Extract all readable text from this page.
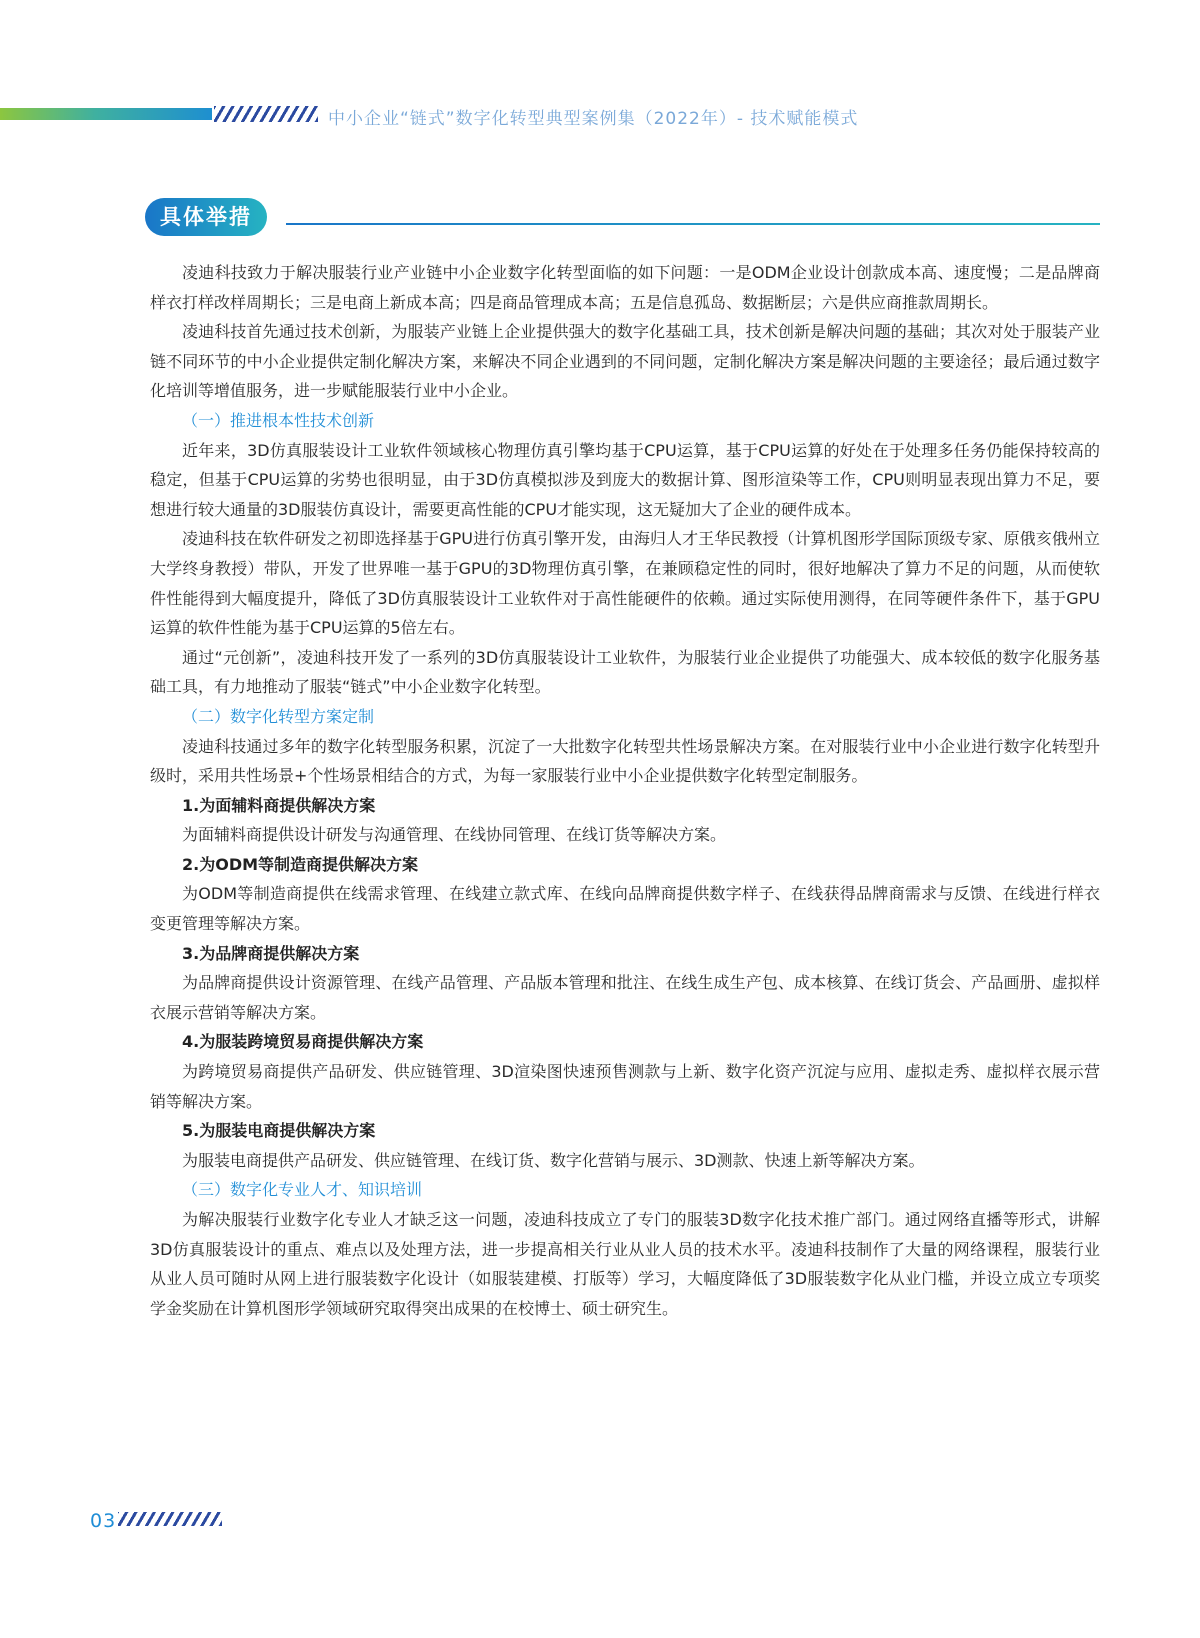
中小企业“链式”数字化转型典型案例集（2022年）- 技术赋能模式
具体举措

凌迪科技致力于解决服装行业产业链中小企业数字化转型面临的如下问题：一是ODM企业设计创款成本高、速度慢；二是品牌商样衣打样改样周期长；三是电商上新成本高；四是商品管理成本高；五是信息孤岛、数据断层；六是供应商推款周期长。

凌迪科技首先通过技术创新，为服装产业链上企业提供强大的数字化基础工具，技术创新是解决问题的基础；其次对处于服装产业链不同环节的中小企业提供定制化解决方案，来解决不同企业遇到的不同问题，定制化解决方案是解决问题的主要途径；最后通过数字化培训等增值服务，进一步赋能服装行业中小企业。

（一）推进根本性技术创新

近年来，3D仿真服装设计工业软件领域核心物理仿真引擎均基于CPU运算，基于CPU运算的好处在于处理多任务仍能保持较高的稳定，但基于CPU运算的劣势也很明显，由于3D仿真模拟涉及到庞大的数据计算、图形渲染等工作，CPU则明显表现出算力不足，要想进行较大通量的3D服装仿真设计，需要更高性能的CPU才能实现，这无疑加大了企业的硬件成本。

凌迪科技在软件研发之初即选择基于GPU进行仿真引擎开发，由海归人才王华民教授（计算机图形学国际顶级专家、原俄亥俄州立大学终身教授）带队，开发了世界唯一基于GPU的3D物理仿真引擎，在兼顾稳定性的同时，很好地解决了算力不足的问题，从而使软件性能得到大幅度提升，降低了3D仿真服装设计工业软件对于高性能硬件的依赖。通过实际使用测得，在同等硬件条件下，基于GPU运算的软件性能为基于CPU运算的5倍左右。

通过“元创新”，凌迪科技开发了一系列的3D仿真服装设计工业软件，为服装行业企业提供了功能强大、成本较低的数字化服务基础工具，有力地推动了服装“链式”中小企业数字化转型。

（二）数字化转型方案定制

凌迪科技通过多年的数字化转型服务积累，沉淀了一大批数字化转型共性场景解决方案。在对服装行业中小企业进行数字化转型升级时，采用共性场景+个性场景相结合的方式，为每一家服装行业中小企业提供数字化转型定制服务。

1.为面辅料商提供解决方案

为面辅料商提供设计研发与沟通管理、在线协同管理、在线订货等解决方案。

2.为ODM等制造商提供解决方案

为ODM等制造商提供在线需求管理、在线建立款式库、在线向品牌商提供数字样子、在线获得品牌商需求与反馈、在线进行样衣变更管理等解决方案。

3.为品牌商提供解决方案

为品牌商提供设计资源管理、在线产品管理、产品版本管理和批注、在线生成生产包、成本核算、在线订货会、产品画册、虚拟样衣展示营销等解决方案。

4.为服装跨境贸易商提供解决方案

为跨境贸易商提供产品研发、供应链管理、3D渲染图快速预售测款与上新、数字化资产沉淀与应用、虚拟走秀、虚拟样衣展示营销等解决方案。

5.为服装电商提供解决方案

为服装电商提供产品研发、供应链管理、在线订货、数字化营销与展示、3D测款、快速上新等解决方案。

（三）数字化专业人才、知识培训

为解决服装行业数字化专业人才缺乏这一问题，凌迪科技成立了专门的服装3D数字化技术推广部门。通过网络直播等形式，讲解3D仿真服装设计的重点、难点以及处理方法，进一步提高相关行业从业人员的技术水平。凌迪科技制作了大量的网络课程，服装行业从业人员可随时从网上进行服装数字化设计（如服装建模、打版等）学习，大幅度降低了3D服装数字化从业门槛，并设立成立专项奖学金奖励在计算机图形学领域研究取得突出成果的在校博士、硕士研究生。

03
